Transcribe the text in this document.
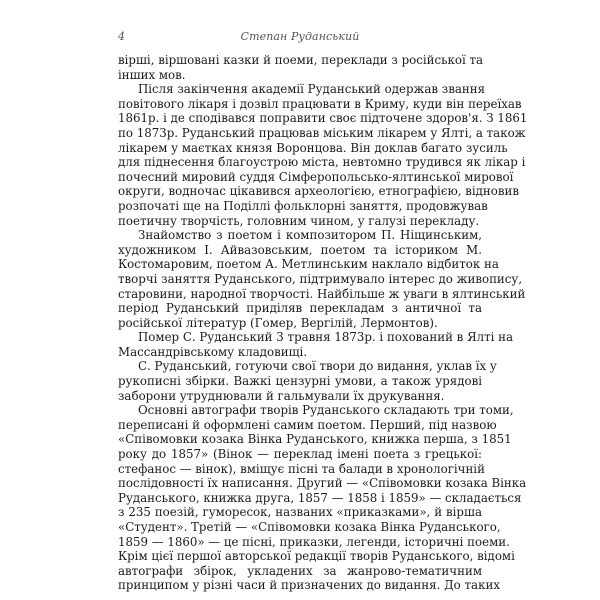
4	Степан Руданський
вірші, віршовані казки й поеми, переклади з російської та
інших мов.
Після закінчення академії Руданський одержав звання
повітового лікаря і дозвіл працювати в Криму, куди він переїхав
1861р. і де сподівався поправити своє підточене здоров'я. З 1861
по 1873р. Руданський працював міським лікарем у Ялті, а також
лікарем у маєтках князя Воронцова. Він доклав багато зусиль
для піднесення благоустрою міста, невтомно трудився як лікар і
почесний мировий суддя Сімферопольсько-ялтинської мирової
округи, водночас цікавився археологією, етнографією, відновив
розпочаті ще на Поділлі фольклорні заняття, продовжував
поетичну творчість, головним чином, у галузі перекладу.
Знайомство з поетом і композитором П. Ніщинським,
художником І. Айвазовським, поетом та істориком М.
Костомаровим, поетом А. Метлинським наклало відбиток на
творчі заняття Руданського, підтримувало інтерес до живопису,
старовини, народної творчості. Найбільше ж уваги в ялтинський
період Руданський приділяв перекладам з античної та
російської літератур (Гомер, Вергілій, Лермонтов).
Помер С. Руданський 3 травня 1873р. і похований в Ялті на
Массандрівському кладовищі.
С. Руданський, готуючи свої твори до видання, уклав їх у
рукописні збірки. Важкі цензурні умови, а також урядові
заборони утруднювали й гальмували їх друкування.
Основні автографи творів Руданського складають три томи,
переписані й оформлені самим поетом. Перший, під назвою
«Співомовки козака Вінка Руданського, книжка перша, з 1851
року до 1857» (Вінок — переклад імені поета з грецької:
стефанос — вінок), вміщує пісні та балади в хронологічній
послідовності їх написання. Другий — «Співомовки козака Вінка
Руданського, книжка друга, 1857 — 1858 і 1859» — складається
з 235 поезій, гуморесок, названих «приказками», й вірша
«Студент». Третій — «Співомовки козака Вінка Руданського,
1859 — 1860» — це пісні, приказки, легенди, історичні поеми.
Крім цієї першої авторської редакції творів Руданського, відомі
автографи збірок, укладених за жанрово-тематичним
принципом у різні часи й призначених до видання. До таких
